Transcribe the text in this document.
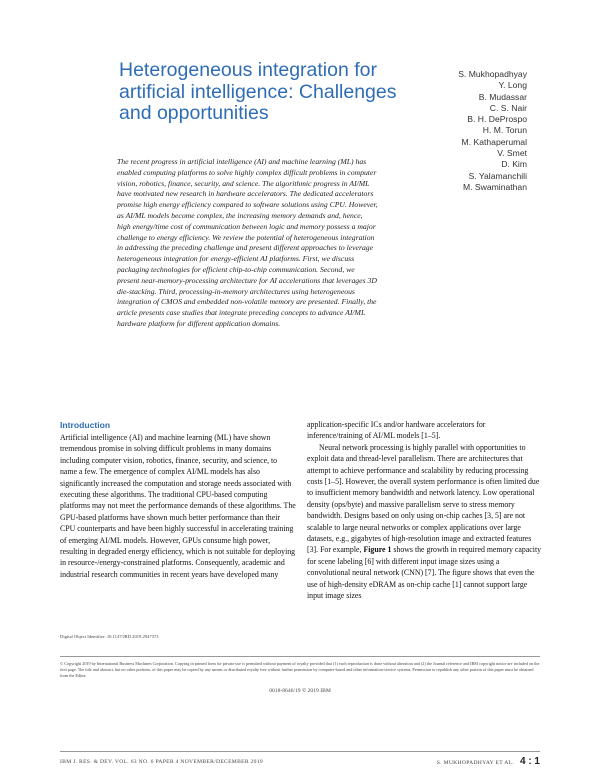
Heterogeneous integration for artificial intelligence: Challenges and opportunities
S. Mukhopadhyay
Y. Long
B. Mudassar
C. S. Nair
B. H. DeProspo
H. M. Torun
M. Kathaperumal
V. Smet
D. Kim
S. Yalamanchili
M. Swaminathan

The recent progress in artificial intelligence (AI) and machine learning (ML) has enabled computing platforms to solve highly complex difficult problems in computer vision, robotics, finance, security, and science. The algorithmic progress in AI/ML have motivated new research in hardware accelerators. The dedicated accelerators promise high energy efficiency compared to software solutions using CPU. However, as AI/ML models become complex, the increasing memory demands and, hence, high energy/time cost of communication between logic and memory possess a major challenge to energy efficiency. We review the potential of heterogeneous integration in addressing the preceding challenge and present different approaches to leverage heterogeneous integration for energy-efficient AI platforms. First, we discuss packaging technologies for efficient chip-to-chip communication. Second, we present near-memory-processing architecture for AI accelerations that leverages 3D die-stacking. Third, processing-in-memory architectures using heterogeneous integration of CMOS and embedded non-volatile memory are presented. Finally, the article presents case studies that integrate preceding concepts to advance AI/ML hardware platform for different application domains.

Introduction

Artificial intelligence (AI) and machine learning (ML) have shown tremendous promise in solving difficult problems in many domains including computer vision, robotics, finance, security, and science, to name a few. The emergence of complex AI/ML models has also significantly increased the computation and storage needs associated with executing these algorithms. The traditional CPU-based computing platforms may not meet the performance demands of these algorithms. The GPU-based platforms have shown much better performance than their CPU counterparts and have been highly successful in accelerating training of emerging AI/ML models. However, GPUs consume high power, resulting in degraded energy efficiency, which is not suitable for deploying in resource-/energy-constrained platforms. Consequently, academic and industrial research communities in recent years have developed many

application-specific ICs and/or hardware accelerators for inference/training of AI/ML models [1–5].

Neural network processing is highly parallel with opportunities to exploit data and thread-level parallelism. There are architectures that attempt to achieve performance and scalability by reducing processing costs [1–5]. However, the overall system performance is often limited due to insufficient memory bandwidth and network latency. Low operational density (ops/byte) and massive parallelism serve to stress memory bandwidth. Designs based on only using on-chip caches [3, 5] are not scalable to large neural networks or complex applications over large datasets, e.g., gigabytes of high-resolution image and extracted features [3]. For example, Figure 1 shows the growth in required memory capacity for scene labeling [6] with different input image sizes using a convolutional neural network (CNN) [7]. The figure shows that even the use of high-density eDRAM as on-chip cache [1] cannot support large input image sizes

Digital Object Identifier: 10.1147/JRD.2019.2947373
© Copyright 2019 by International Business Machines Corporation. Copying in printed form for private use is permitted without payment of royalty provided that (1) each reproduction is done without alteration and (2) the Journal reference and IBM copyright notice are included on the first page. The title and abstract, but no other portions, of this paper may be copied by any means or distributed royalty free without further permission by computer-based and other information-service systems. Permission to republish any other portion of this paper must be obtained from the Editor.
0018-8646/19 © 2019 IBM
IBM J. RES. & DEV. VOL. 63 NO. 6 PAPER 4 NOVEMBER/DECEMBER 2019	S. MUKHOPADHYAY ET AL. 4 : 1
